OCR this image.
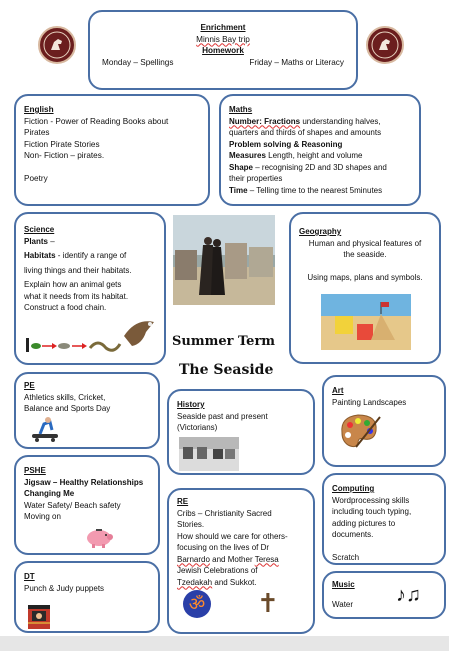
Enrichment
Minnis Bay trip
Homework
Monday – Spellings	Friday – Maths or Literacy
English
Fiction - Power of Reading Books about
Pirates
Fiction Pirate Stories
Non- Fiction – pirates.

Poetry
Maths
Number: Fractions understanding halves,
quarters and thirds of shapes and amounts
Problem solving & Reasoning
Measures Length, height and volume
Shape – recognising 2D and 3D shapes and
their properties
Time – Telling time to the nearest 5minutes
Science
Plants –
Habitats - identify a range of
living things and their habitats.
Explain how an animal gets
what it needs from its habitat.
Construct a food chain.
Summer Term
The Seaside
Geography
Human and physical features of
the seaside.

Using maps, plans and symbols.
PE
Athletics skills, Cricket,
Balance and Sports Day	History
Seaside past and present
(Victorians)
Art
Painting Landscapes
PSHE
Jigsaw – Healthy Relationships
Changing Me
Water Safety/ Beach safety
Moving on
RE
Cribs – Christianity Sacred
Stories.
How should we care for others-
focusing on the lives of Dr
Barnardo and Mother Teresa
Jewish Celebrations of
Tzedakah and Sukkot.
ॐ ✝
Computing
Wordprocessing skills
including touch typing,
adding pictures to
documents.

Scratch
DT
Punch & Judy puppets	Music
Water	♪♫
